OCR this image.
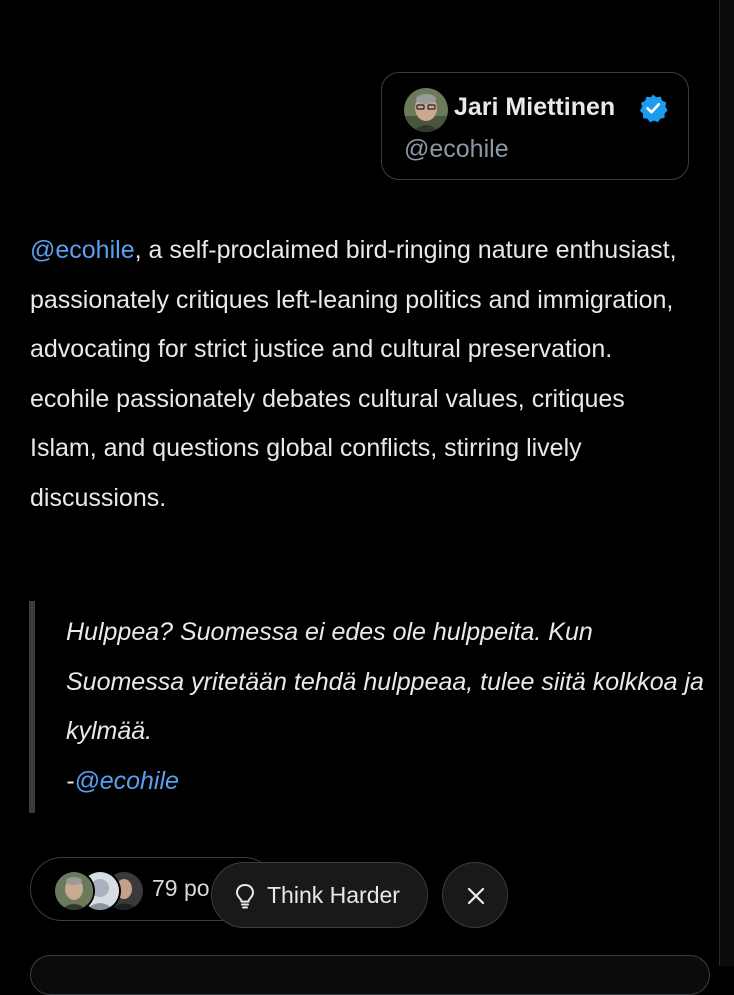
Jari Miettinen
@ecohile

@ecohile, a self-proclaimed bird-ringing nature enthusiast, passionately critiques left-leaning politics and immigration, advocating for strict justice and cultural preservation.

ecohile passionately debates cultural values, critiques Islam, and questions global conflicts, stirring lively discussions.

Hulppea? Suomessa ei edes ole hulppeita. Kun Suomessa yritetään tehdä hulppeaa, tulee siitä kolkkoa ja kylmää.

-@ecohile

79 po Think Harder
